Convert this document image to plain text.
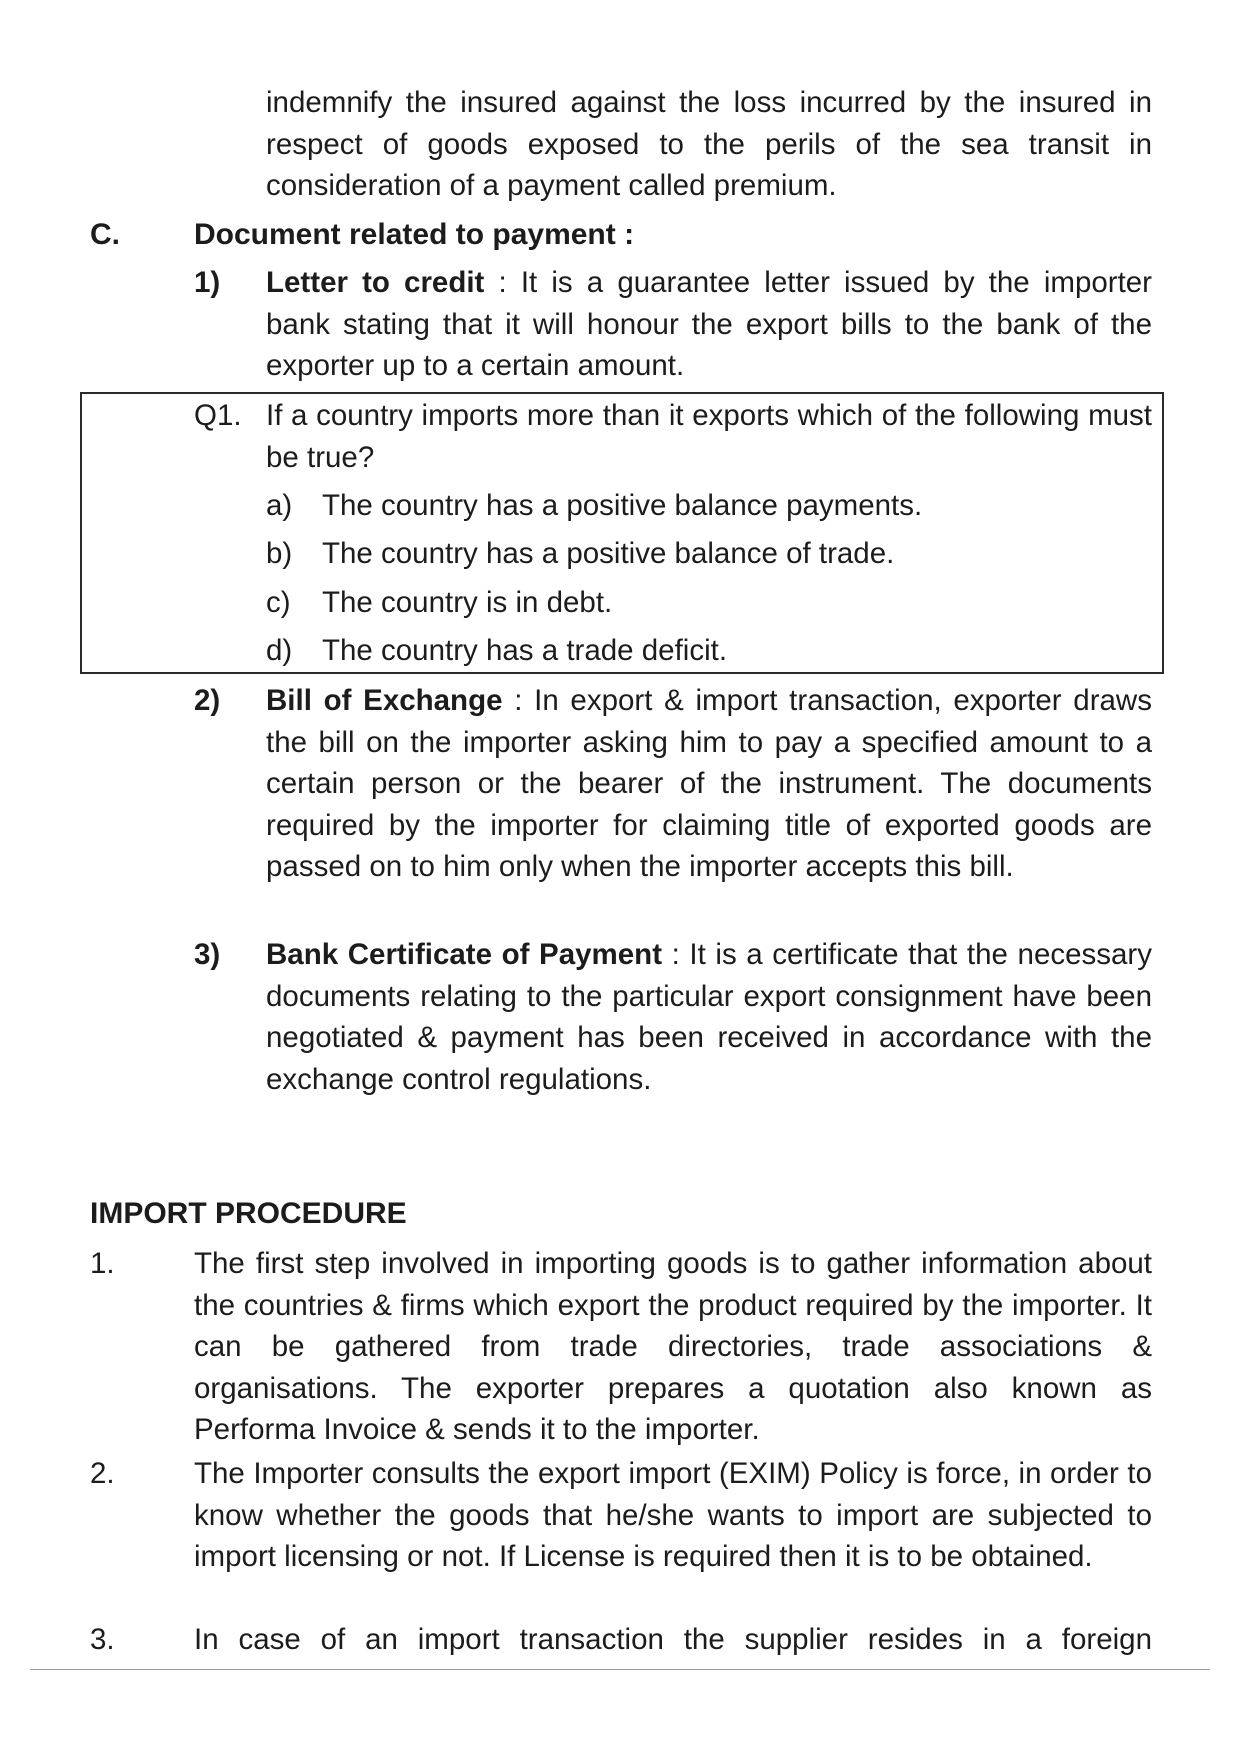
indemnify the insured against the loss incurred by the insured in respect of goods exposed to the perils of the sea transit in consideration of a payment called premium.
C. Document related to payment :
1) Letter to credit : It is a guarantee letter issued by the importer bank stating that it will honour the export bills to the bank of the exporter up to a certain amount.
Q1. If a country imports more than it exports which of the following must be true?
a) The country has a positive balance payments.
b) The country has a positive balance of trade.
c) The country is in debt.
d) The country has a trade deficit.
2) Bill of Exchange : In export & import transaction, exporter draws the bill on the importer asking him to pay a specified amount to a certain person or the bearer of the instrument. The documents required by the importer for claiming title of exported goods are passed on to him only when the importer accepts this bill.
3) Bank Certificate of Payment : It is a certificate that the necessary documents relating to the particular export consignment have been negotiated & payment has been received in accordance with the exchange control regulations.
IMPORT PROCEDURE
1.	The first step involved in importing goods is to gather information about the countries & firms which export the product required by the importer. It can be gathered from trade directories, trade associations & organisations. The exporter prepares a quotation also known as Performa Invoice & sends it to the importer.
2.	The Importer consults the export import (EXIM) Policy is force, in order to know whether the goods that he/she wants to import are subjected to import licensing or not. If License is required then it is to be obtained.
3.	In case of an import transaction the supplier resides in a foreign
